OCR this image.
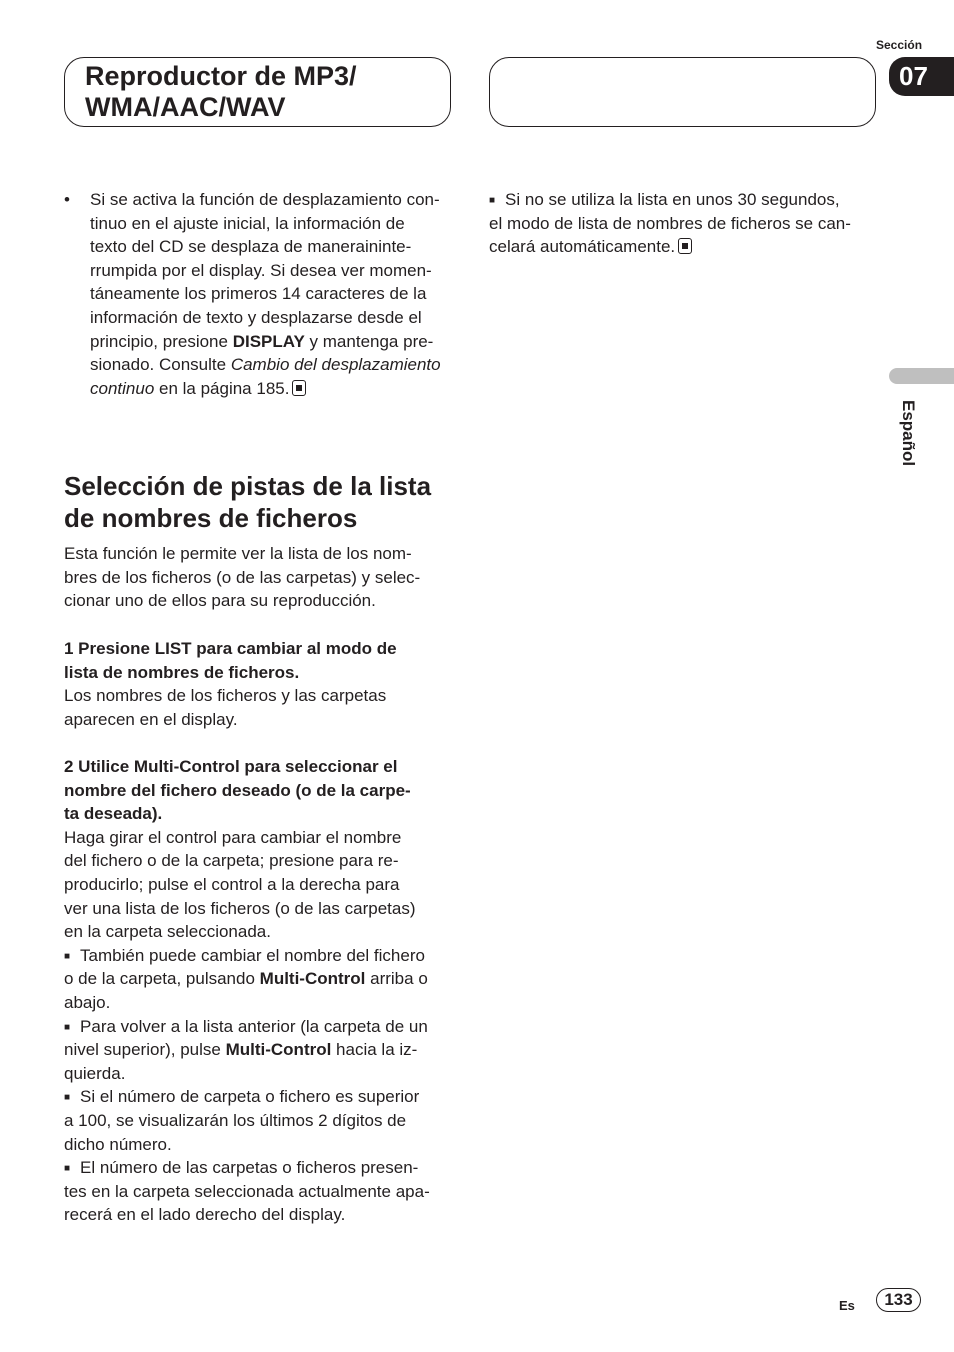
Reproductor de MP3/
WMA/AAC/WAV
Sección
07
Español
• Si se activa la función de desplazamiento con-
tinuo en el ajuste inicial, la información de
texto del CD se desplaza de maneraininte-
rrumpida por el display. Si desea ver momen-
táneamente los primeros 14 caracteres de la
información de texto y desplazarse desde el
principio, presione DISPLAY y mantenga pre-
sionado. Consulte Cambio del desplazamiento
continuo en la página 185.
Selección de pistas de la lista
de nombres de ficheros
Esta función le permite ver la lista de los nom-
bres de los ficheros (o de las carpetas) y selec-
cionar uno de ellos para su reproducción.
1 Presione LIST para cambiar al modo de
lista de nombres de ficheros.
Los nombres de los ficheros y las carpetas
aparecen en el display.
2 Utilice Multi-Control para seleccionar el
nombre del fichero deseado (o de la carpe-
ta deseada).
Haga girar el control para cambiar el nombre
del fichero o de la carpeta; presione para re-
producirlo; pulse el control a la derecha para
ver una lista de los ficheros (o de las carpetas)
en la carpeta seleccionada.
■ También puede cambiar el nombre del fichero
o de la carpeta, pulsando Multi-Control arriba o
abajo.
■ Para volver a la lista anterior (la carpeta de un
nivel superior), pulse Multi-Control hacia la iz-
quierda.
■ Si el número de carpeta o fichero es superior
a 100, se visualizarán los últimos 2 dígitos de
dicho número.
■ El número de las carpetas o ficheros presen-
tes en la carpeta seleccionada actualmente apa-
recerá en el lado derecho del display.
■ Si no se utiliza la lista en unos 30 segundos,
el modo de lista de nombres de ficheros se can-
celará automáticamente.
Es	133
